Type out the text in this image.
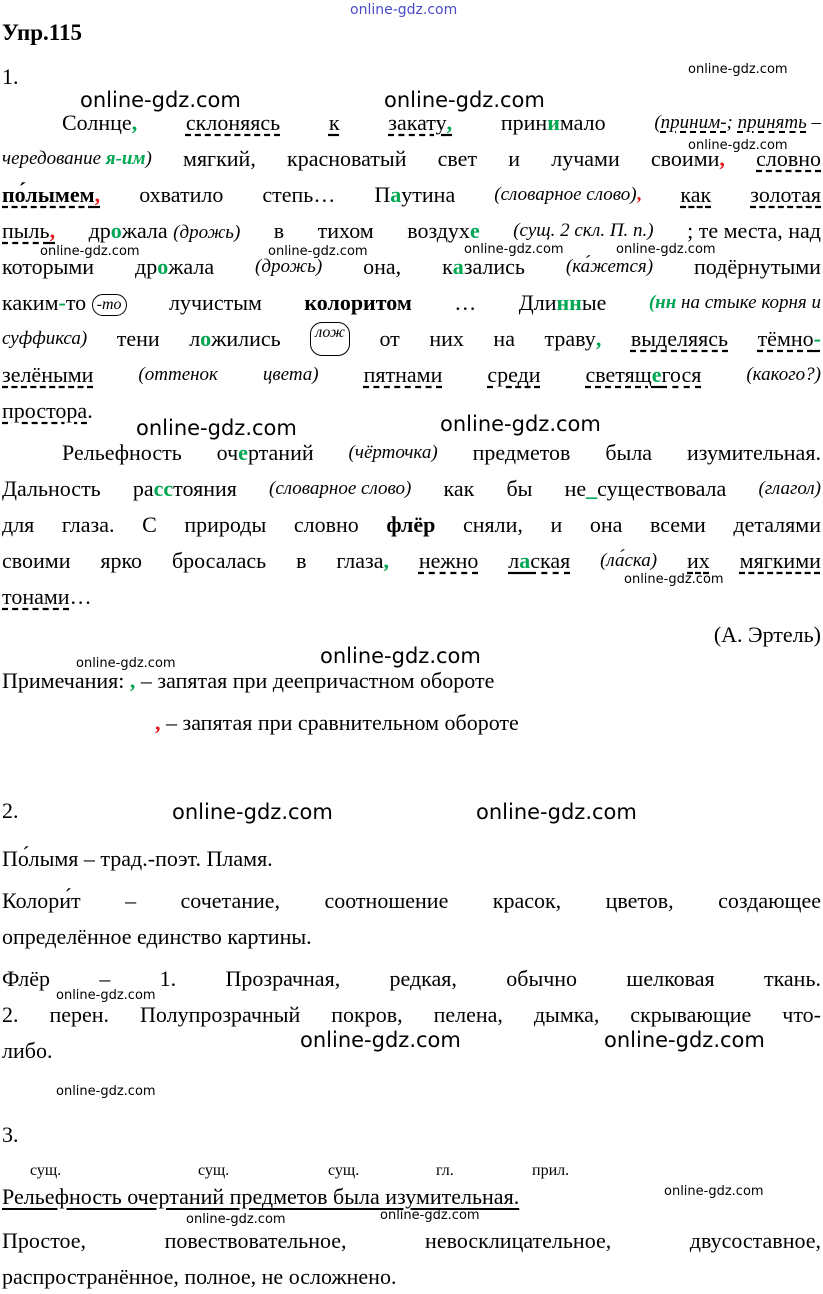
online-gdz.com
Упр.115
1.
Солнце, склоняясь к закату, принимало	(приним-; принять –
чередование я-им) мягкий, красноватый свет и лучами своими, словно
по́лымем, охватило степь… Паутина (словарное слово), как золотая
пыль, дрожала (дрожь) в тихом воздухе (сущ. 2 скл. П. п.) ; те места, над
которыми дрожала (дрожь) она, казались (ка́жется) подёрнутыми
каким-то -то лучистым колоритом … Длинные (нн на стыке корня и
суффикса) тени ложились	лож от них на траву, выделяясь тёмно-
зелёными (оттенок цвета) пятнами среди светящегося (какого?)
простора.
Рельефность очертаний (чёрточка) предметов была изумительная.
Дальность расстояния (словарное слово) как бы не_существовала (глагол)
для глаза. С природы словно флёр сняли, и она всеми деталями
своими ярко бросалась в глаза, нежно лаская (ла́ска) их мягкими
тонами…
(А. Эртель)
Примечания: , – запятая при деепричастном обороте
, – запятая при сравнительном обороте
2.
По́лымя – трад.-поэт. Пламя.
Колори́т – сочетание, соотношение красок, цветов, создающее
определённое единство картины.
Флёр – 1. Прозрачная, редкая, обычно шелковая ткань.
2. перен. Полупрозрачный покров, пелена, дымка, скрывающие что-
либо.
3.
сущ.	сущ.	сущ.	гл.	прил.
Рельефность очертаний предметов была изумительная.
Простое, повествовательное, невосклицательное, двусоставное,
распространённое, полное, не осложнено.
online-gdz.com
online-gdz.com	online-gdz.com
online-gdz.com
online-gdz.com	online-gdz.com	online-gdz.com	online-gdz.com
online-gdz.com	online-gdz.com
online-gdz.com
online-gdz.com	online-gdz.com
online-gdz.com	online-gdz.com
online-gdz.com
online-gdz.com	online-gdz.com
online-gdz.com
online-gdz.com
online-gdz.com	online-gdz.com
